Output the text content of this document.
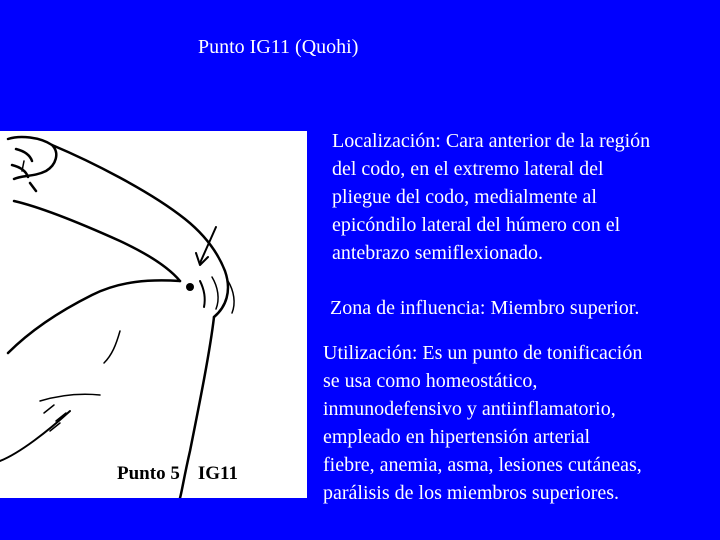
Punto IG11 (Quohi)
Punto 5 IG11
Localización: Cara anterior de la región
del codo, en el extremo lateral del
pliegue del codo, medialmente al
epicóndilo lateral del húmero con el
antebrazo semiflexionado.
Zona de influencia: Miembro superior.
Utilización: Es un punto de tonificación
se usa como homeostático,
inmunodefensivo y antiinflamatorio,
empleado en hipertensión arterial
fiebre, anemia, asma, lesiones cutáneas,
parálisis de los miembros superiores.
